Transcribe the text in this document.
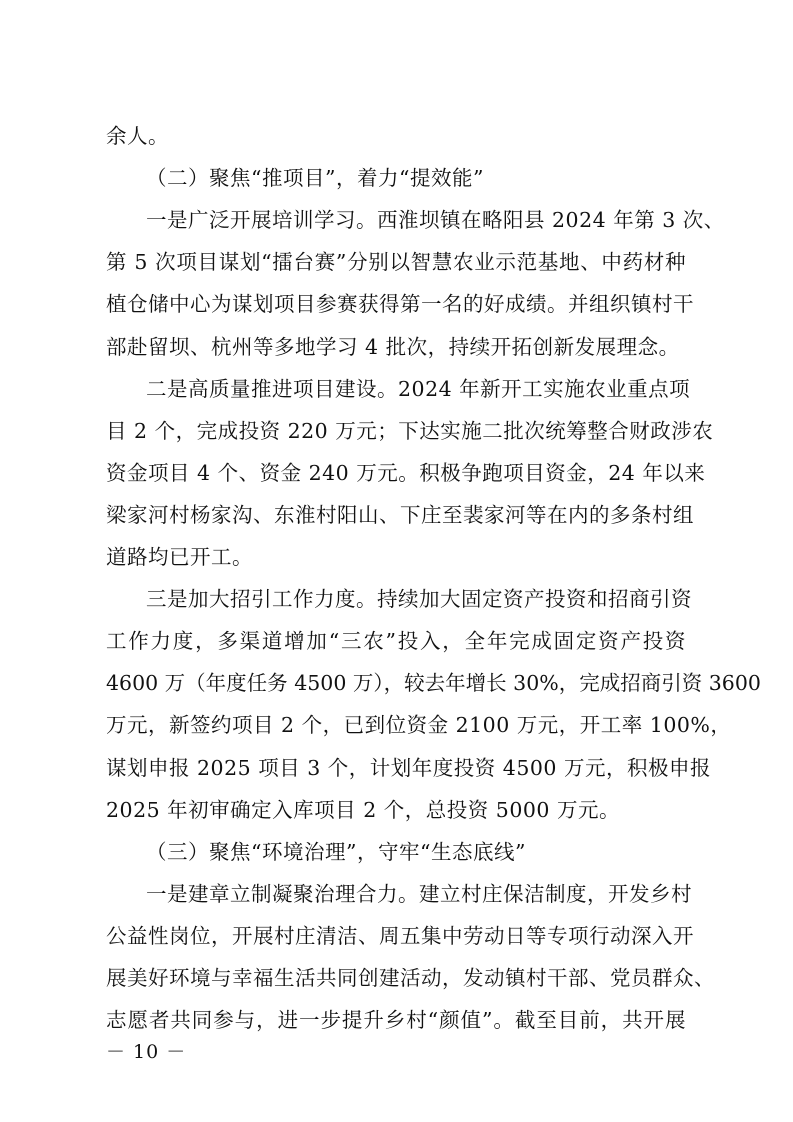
余人。
（二）聚焦“推项目”，着力“提效能”
一是广泛开展培训学习。西淮坝镇在略阳县 2024 年第 3 次、
第 5 次项目谋划“擂台赛”分别以智慧农业示范基地、中药材种
植仓储中心为谋划项目参赛获得第一名的好成绩。并组织镇村干
部赴留坝、杭州等多地学习 4 批次，持续开拓创新发展理念。
二是高质量推进项目建设。2024 年新开工实施农业重点项
目 2 个，完成投资 220 万元；下达实施二批次统筹整合财政涉农
资金项目 4 个、资金 240 万元。积极争跑项目资金，24 年以来
梁家河村杨家沟、东淮村阳山、下庄至裴家河等在内的多条村组
道路均已开工。
三是加大招引工作力度。持续加大固定资产投资和招商引资
工作力度，多渠道增加“三农”投入，全年完成固定资产投资
4600 万（年度任务 4500 万），较去年增长 30%，完成招商引资 3600
万元，新签约项目 2 个，已到位资金 2100 万元，开工率 100%，
谋划申报 2025 项目 3 个，计划年度投资 4500 万元，积极申报
2025 年初审确定入库项目 2 个，总投资 5000 万元。
（三）聚焦“环境治理”，守牢“生态底线”
一是建章立制凝聚治理合力。建立村庄保洁制度，开发乡村
公益性岗位，开展村庄清洁、周五集中劳动日等专项行动深入开
展美好环境与幸福生活共同创建活动，发动镇村干部、党员群众、
志愿者共同参与，进一步提升乡村“颜值”。截至目前，共开展
－ 10 －
